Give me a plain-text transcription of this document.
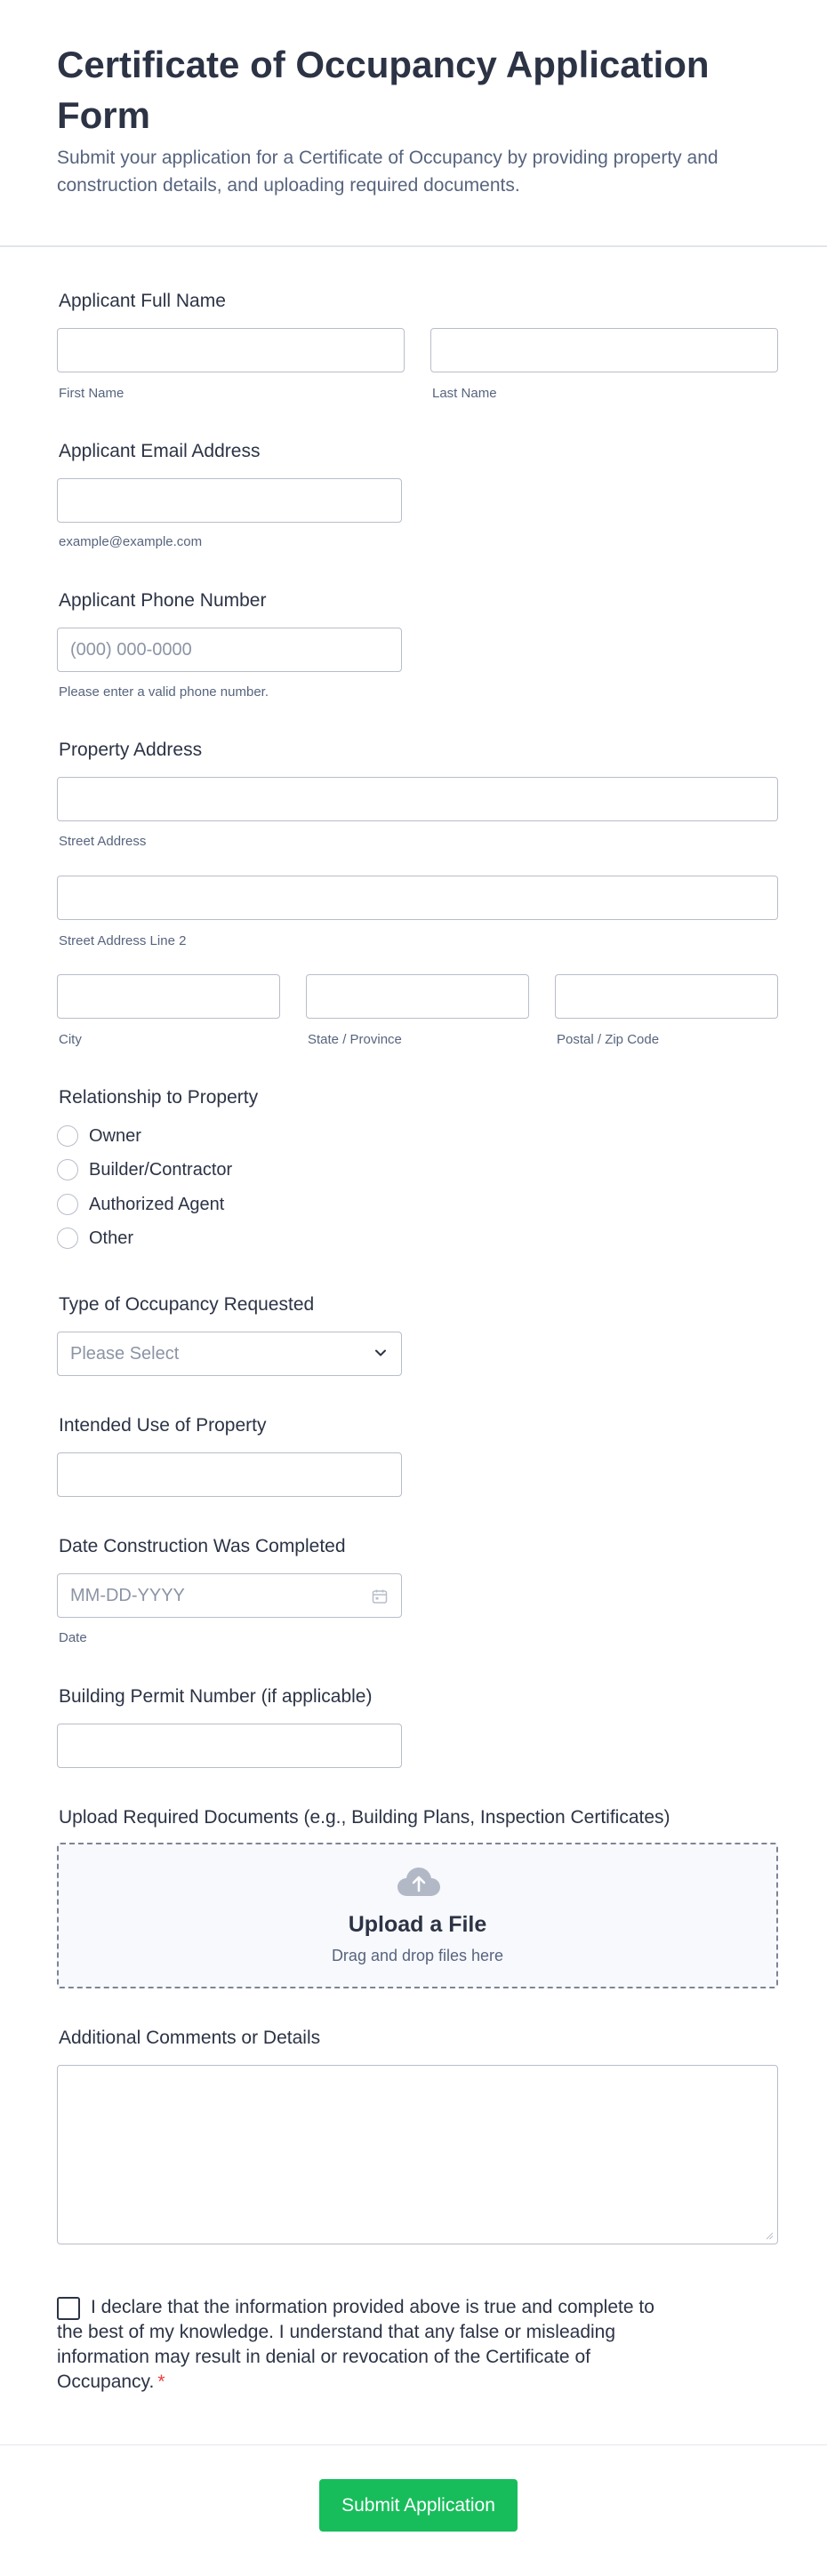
Certificate of Occupancy Application Form
Submit your application for a Certificate of Occupancy by providing property and construction details, and uploading required documents.
Applicant Full Name
First Name	Last Name
Applicant Email Address
example@example.com
Applicant Phone Number
(000) 000-0000
Please enter a valid phone number.
Property Address
Street Address
Street Address Line 2
City	State / Province	Postal / Zip Code
Relationship to Property
Owner
Builder/Contractor
Authorized Agent
Other
Type of Occupancy Requested
Please Select
Intended Use of Property
Date Construction Was Completed
MM-DD-YYYY
Date
Building Permit Number (if applicable)
Upload Required Documents (e.g., Building Plans, Inspection Certificates)
Upload a File
Drag and drop files here
Additional Comments or Details
I declare that the information provided above is true and complete to the best of my knowledge. I understand that any false or misleading information may result in denial or revocation of the Certificate of Occupancy. *
Submit Application
